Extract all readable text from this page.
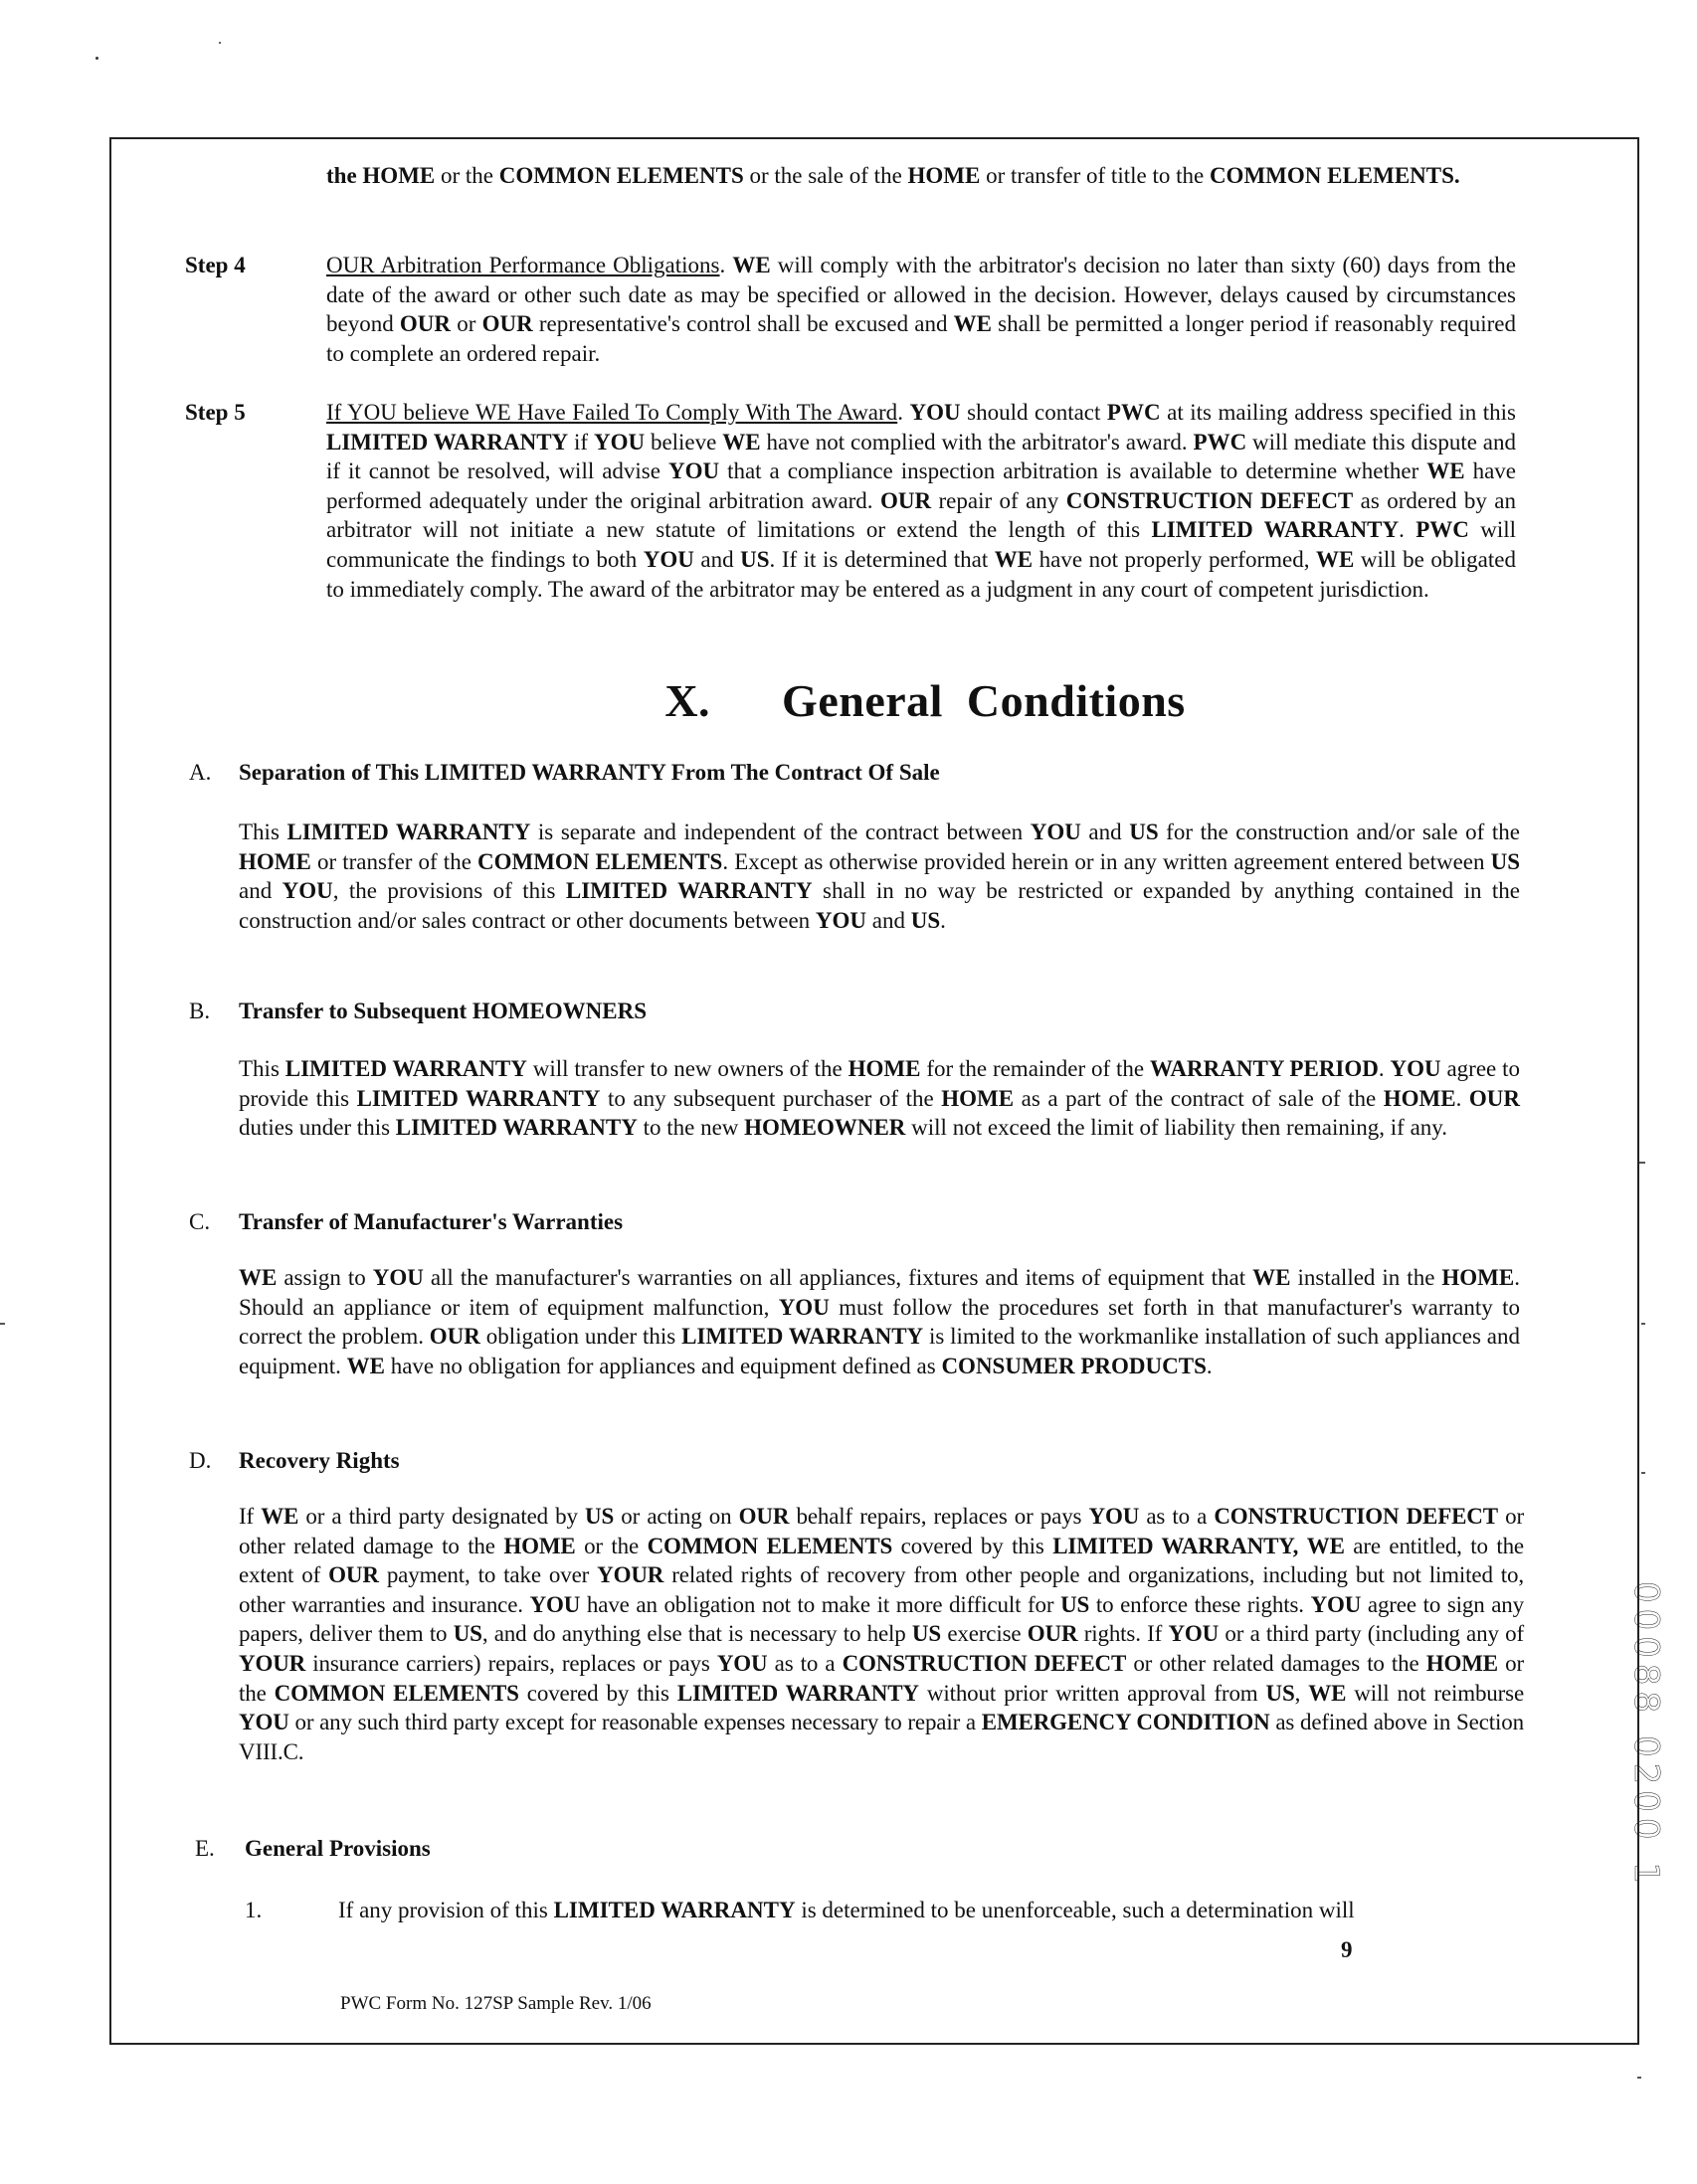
the HOME or the COMMON ELEMENTS or the sale of the HOME or transfer of title to the COMMON ELEMENTS.
Step 4	OUR Arbitration Performance Obligations. WE will comply with the arbitrator's decision no later than sixty (60) days from the date of the award or other such date as may be specified or allowed in the decision. However, delays caused by circumstances beyond OUR or OUR representative's control shall be excused and WE shall be permitted a longer period if reasonably required to complete an ordered repair.
Step 5	If YOU believe WE Have Failed To Comply With The Award. YOU should contact PWC at its mailing address specified in this LIMITED WARRANTY if YOU believe WE have not complied with the arbitrator's award. PWC will mediate this dispute and if it cannot be resolved, will advise YOU that a compliance inspection arbitration is available to determine whether WE have performed adequately under the original arbitration award. OUR repair of any CONSTRUCTION DEFECT as ordered by an arbitrator will not initiate a new statute of limitations or extend the length of this LIMITED WARRANTY. PWC will communicate the findings to both YOU and US. If it is determined that WE have not properly performed, WE will be obligated to immediately comply. The award of the arbitrator may be entered as a judgment in any court of competent jurisdiction.
X.   General Conditions
A. Separation of This LIMITED WARRANTY From The Contract Of Sale
This LIMITED WARRANTY is separate and independent of the contract between YOU and US for the construction and/or sale of the HOME or transfer of the COMMON ELEMENTS. Except as otherwise provided herein or in any written agreement entered between US and YOU, the provisions of this LIMITED WARRANTY shall in no way be restricted or expanded by anything contained in the construction and/or sales contract or other documents between YOU and US.
B. Transfer to Subsequent HOMEOWNERS
This LIMITED WARRANTY will transfer to new owners of the HOME for the remainder of the WARRANTY PERIOD. YOU agree to provide this LIMITED WARRANTY to any subsequent purchaser of the HOME as a part of the contract of sale of the HOME. OUR duties under this LIMITED WARRANTY to the new HOMEOWNER will not exceed the limit of liability then remaining, if any.
C. Transfer of Manufacturer's Warranties
WE assign to YOU all the manufacturer's warranties on all appliances, fixtures and items of equipment that WE installed in the HOME. Should an appliance or item of equipment malfunction, YOU must follow the procedures set forth in that manufacturer's warranty to correct the problem. OUR obligation under this LIMITED WARRANTY is limited to the workmanlike installation of such appliances and equipment. WE have no obligation for appliances and equipment defined as CONSUMER PRODUCTS.
D. Recovery Rights
If WE or a third party designated by US or acting on OUR behalf repairs, replaces or pays YOU as to a CONSTRUCTION DEFECT or other related damage to the HOME or the COMMON ELEMENTS covered by this LIMITED WARRANTY, WE are entitled, to the extent of OUR payment, to take over YOUR related rights of recovery from other people and organizations, including but not limited to, other warranties and insurance. YOU have an obligation not to make it more difficult for US to enforce these rights. YOU agree to sign any papers, deliver them to US, and do anything else that is necessary to help US exercise OUR rights. If YOU or a third party (including any of YOUR insurance carriers) repairs, replaces or pays YOU as to a CONSTRUCTION DEFECT or other related damages to the HOME or the COMMON ELEMENTS covered by this LIMITED WARRANTY without prior written approval from US, WE will not reimburse YOU or any such third party except for reasonable expenses necessary to repair a EMERGENCY CONDITION as defined above in Section VIII.C.
E. General Provisions
1.	If any provision of this LIMITED WARRANTY is determined to be unenforceable, such a determination will
9
PWC Form No. 127SP Sample Rev. 1/06
00088 0200 1
